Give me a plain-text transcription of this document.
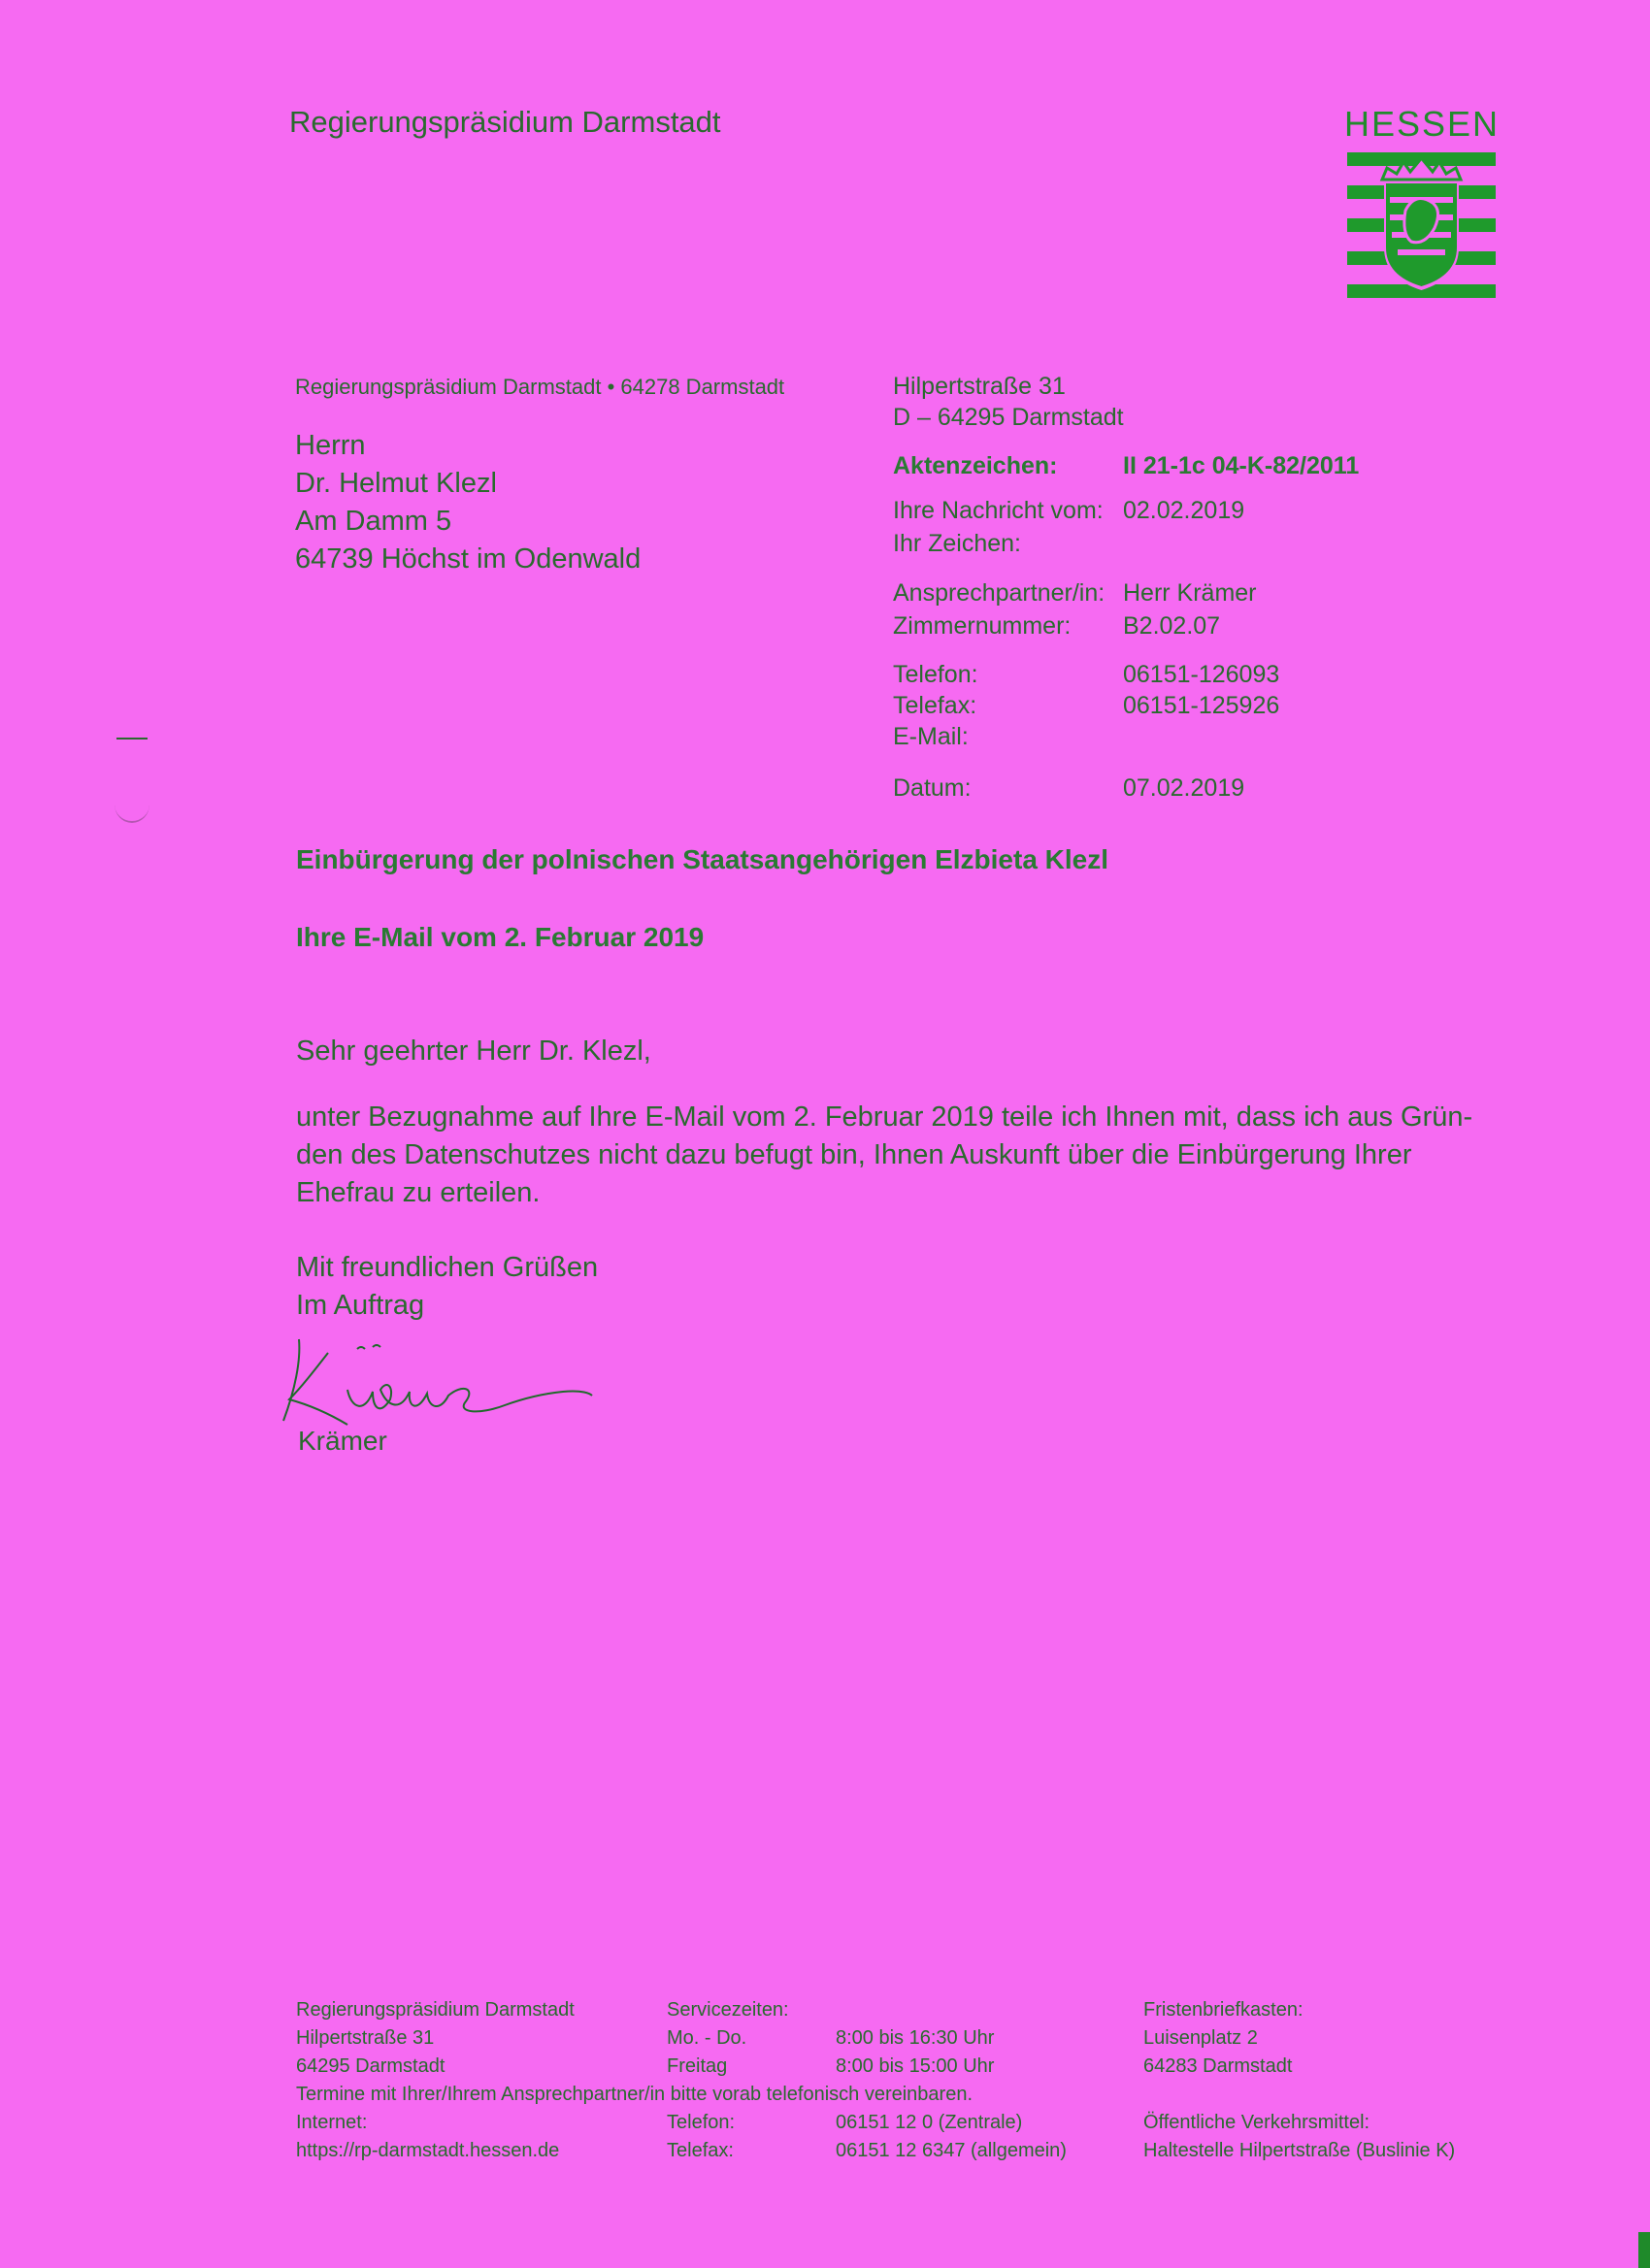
Regierungspräsidium Darmstadt	HESSEN
Regierungspräsidium Darmstadt • 64278 Darmstadt
Herrn
Dr. Helmut Klezl
Am Damm 5
64739 Höchst im Odenwald
Hilpertstraße 31
D – 64295 Darmstadt
Aktenzeichen:	II 21-1c 04-K-82/2011
Ihre Nachricht vom: 02.02.2019
Ihr Zeichen:
Ansprechpartner/in: Herr Krämer
Zimmernummer: B2.02.07
Telefon:	06151-126093
Telefax:	06151-125926
E-Mail:
Datum:	07.02.2019
Einbürgerung der polnischen Staatsangehörigen Elzbieta Klezl
Ihre E-Mail vom 2. Februar 2019
Sehr geehrter Herr Dr. Klezl,
unter Bezugnahme auf Ihre E-Mail vom 2. Februar 2019 teile ich Ihnen mit, dass ich aus Grün-
den des Datenschutzes nicht dazu befugt bin, Ihnen Auskunft über die Einbürgerung Ihrer
Ehefrau zu erteilen.
Mit freundlichen Grüßen
Im Auftrag
Krämer
Regierungspräsidium Darmstadt
Hilpertstraße 31
64295 Darmstadt
Servicezeiten:
Mo. - Do.	8:00 bis 16:30 Uhr
Freitag	8:00 bis 15:00 Uhr
Fristenbriefkasten:
Luisenplatz 2
64283 Darmstadt
Termine mit Ihrer/Ihrem Ansprechpartner/in bitte vorab telefonisch vereinbaren.
Internet:
https://rp-darmstadt.hessen.de
Telefon:	06151 12 0 (Zentrale)
Telefax:	06151 12 6347 (allgemein)
Öffentliche Verkehrsmittel:
Haltestelle Hilpertstraße (Buslinie K)
